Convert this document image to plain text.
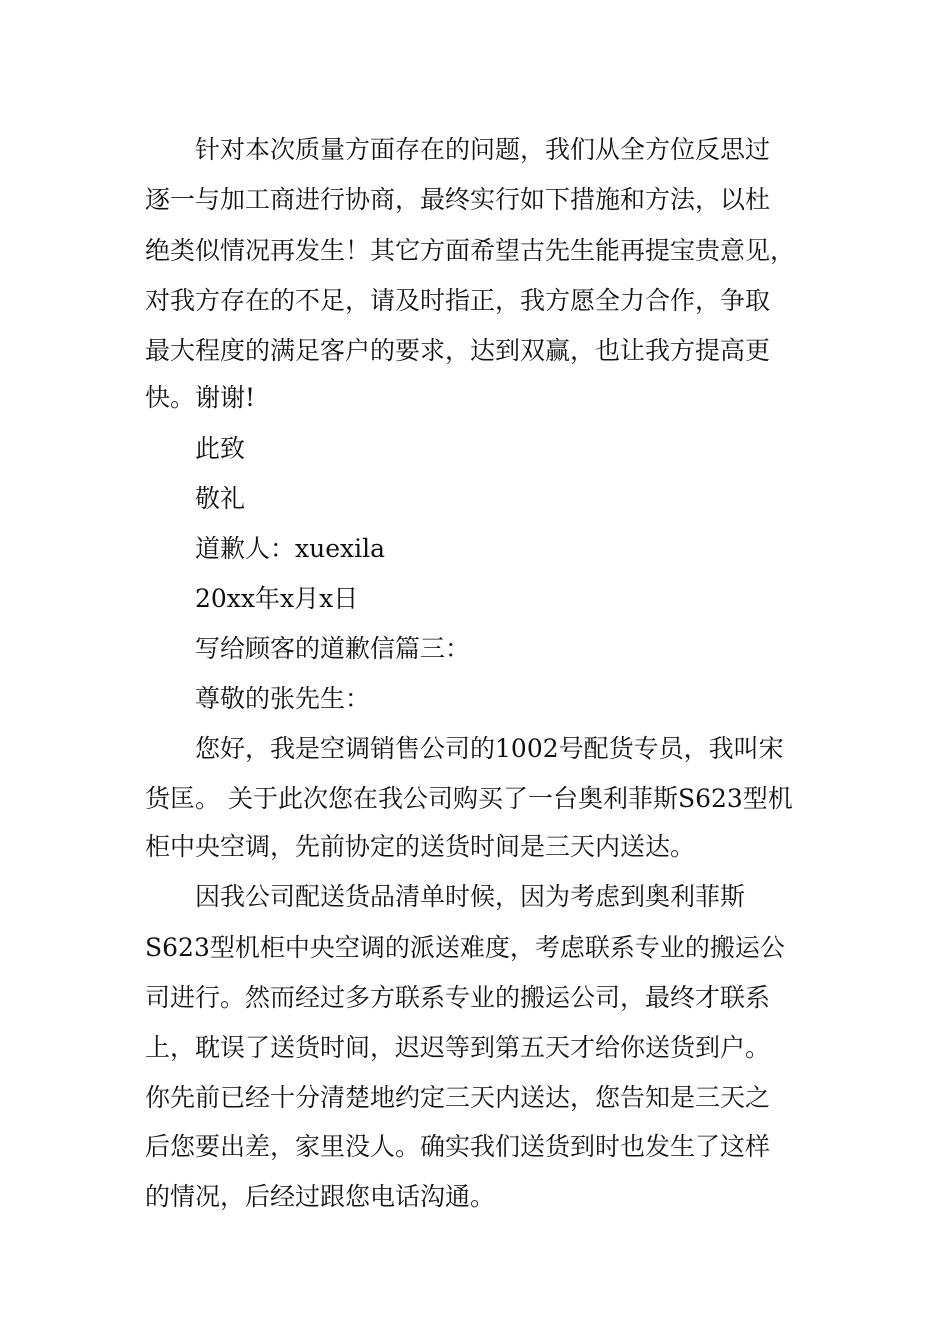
　　针对本次质量方面存在的问题，我们从全方位反思过

逐一与加工商进行协商，最终实行如下措施和方法，以杜

绝类似情况再发生！其它方面希望古先生能再提宝贵意见，

对我方存在的不足，请及时指正，我方愿全力合作，争取

最大程度的满足客户的要求，达到双赢，也让我方提高更

快。谢谢!

　　此致

　　敬礼

　　道歉人：xuexila

　　20xx年x月x日

　　写给顾客的道歉信篇三：

　　尊敬的张先生：

　　您好，我是空调销售公司的1002号配货专员，我叫宋

货匡。 关于此次您在我公司购买了一台奥利菲斯S623型机

柜中央空调，先前协定的送货时间是三天内送达。

　　因我公司配送货品清单时候，因为考虑到奥利菲斯

S623型机柜中央空调的派送难度，考虑联系专业的搬运公

司进行。然而经过多方联系专业的搬运公司，最终才联系

上，耽误了送货时间，迟迟等到第五天才给你送货到户。

你先前已经十分清楚地约定三天内送达，您告知是三天之

后您要出差，家里没人。确实我们送货到时也发生了这样

的情况，后经过跟您电话沟通。
